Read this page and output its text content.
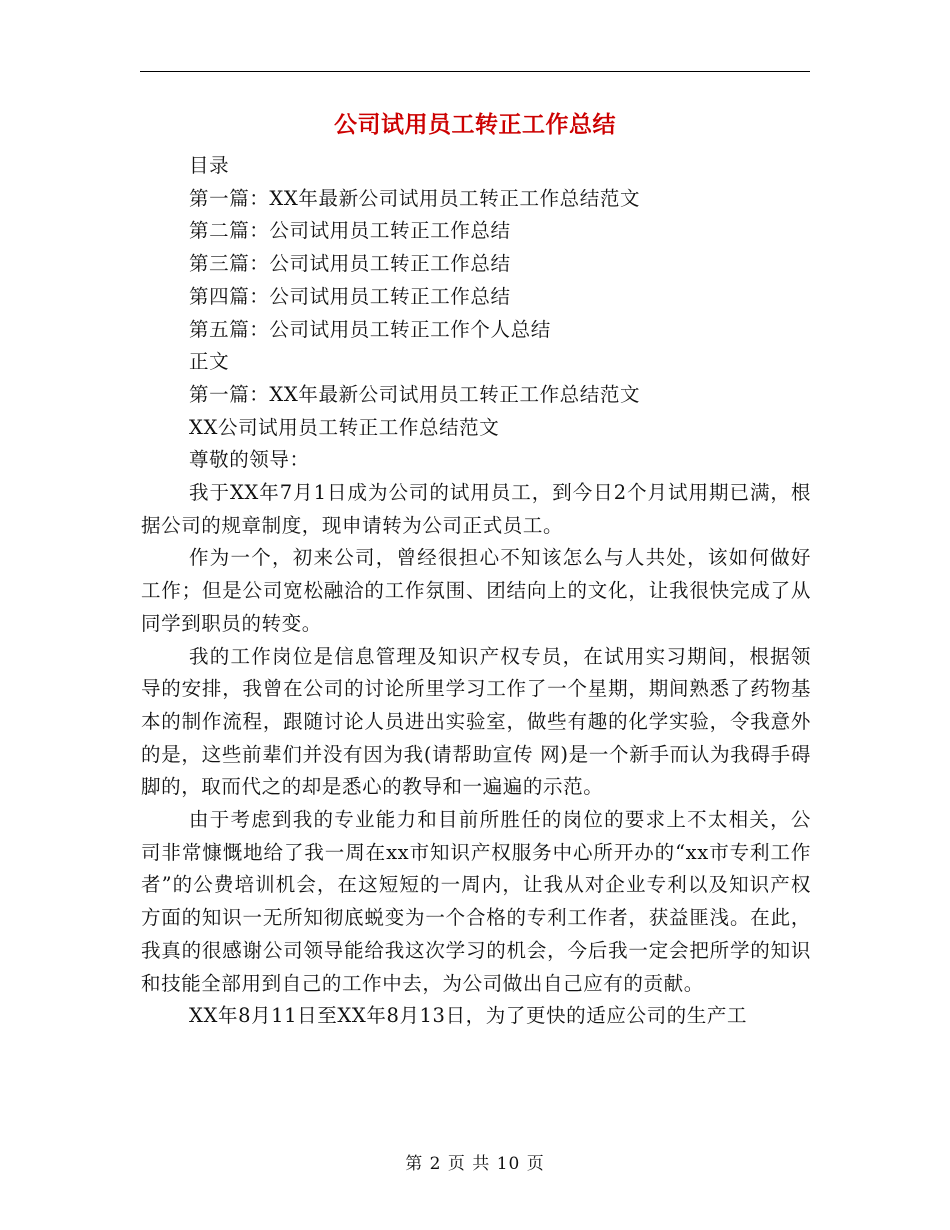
公司试用员工转正工作总结

目录

第一篇：XX年最新公司试用员工转正工作总结范文

第二篇：公司试用员工转正工作总结

第三篇：公司试用员工转正工作总结

第四篇：公司试用员工转正工作总结

第五篇：公司试用员工转正工作个人总结

正文

第一篇：XX年最新公司试用员工转正工作总结范文

XX公司试用员工转正工作总结范文

尊敬的领导：

我于XX年7月1日成为公司的试用员工，到今日2个月试用期已满，根据公司的规章制度，现申请转为公司正式员工。

作为一个，初来公司，曾经很担心不知该怎么与人共处，该如何做好工作；但是公司宽松融洽的工作氛围、团结向上的文化，让我很快完成了从同学到职员的转变。

我的工作岗位是信息管理及知识产权专员，在试用实习期间，根据领导的安排，我曾在公司的讨论所里学习工作了一个星期，期间熟悉了药物基本的制作流程，跟随讨论人员进出实验室，做些有趣的化学实验，令我意外的是，这些前辈们并没有因为我(请帮助宣传 网)是一个新手而认为我碍手碍脚的，取而代之的却是悉心的教导和一遍遍的示范。

由于考虑到我的专业能力和目前所胜任的岗位的要求上不太相关，公司非常慷慨地给了我一周在xx市知识产权服务中心所开办的“xx市专利工作者”的公费培训机会，在这短短的一周内，让我从对企业专利以及知识产权方面的知识一无所知彻底蜕变为一个合格的专利工作者，获益匪浅。在此，我真的很感谢公司领导能给我这次学习的机会，今后我一定会把所学的知识和技能全部用到自己的工作中去，为公司做出自己应有的贡献。

XX年8月11日至XX年8月13日，为了更快的适应公司的生产工

第 2 页 共 10 页
